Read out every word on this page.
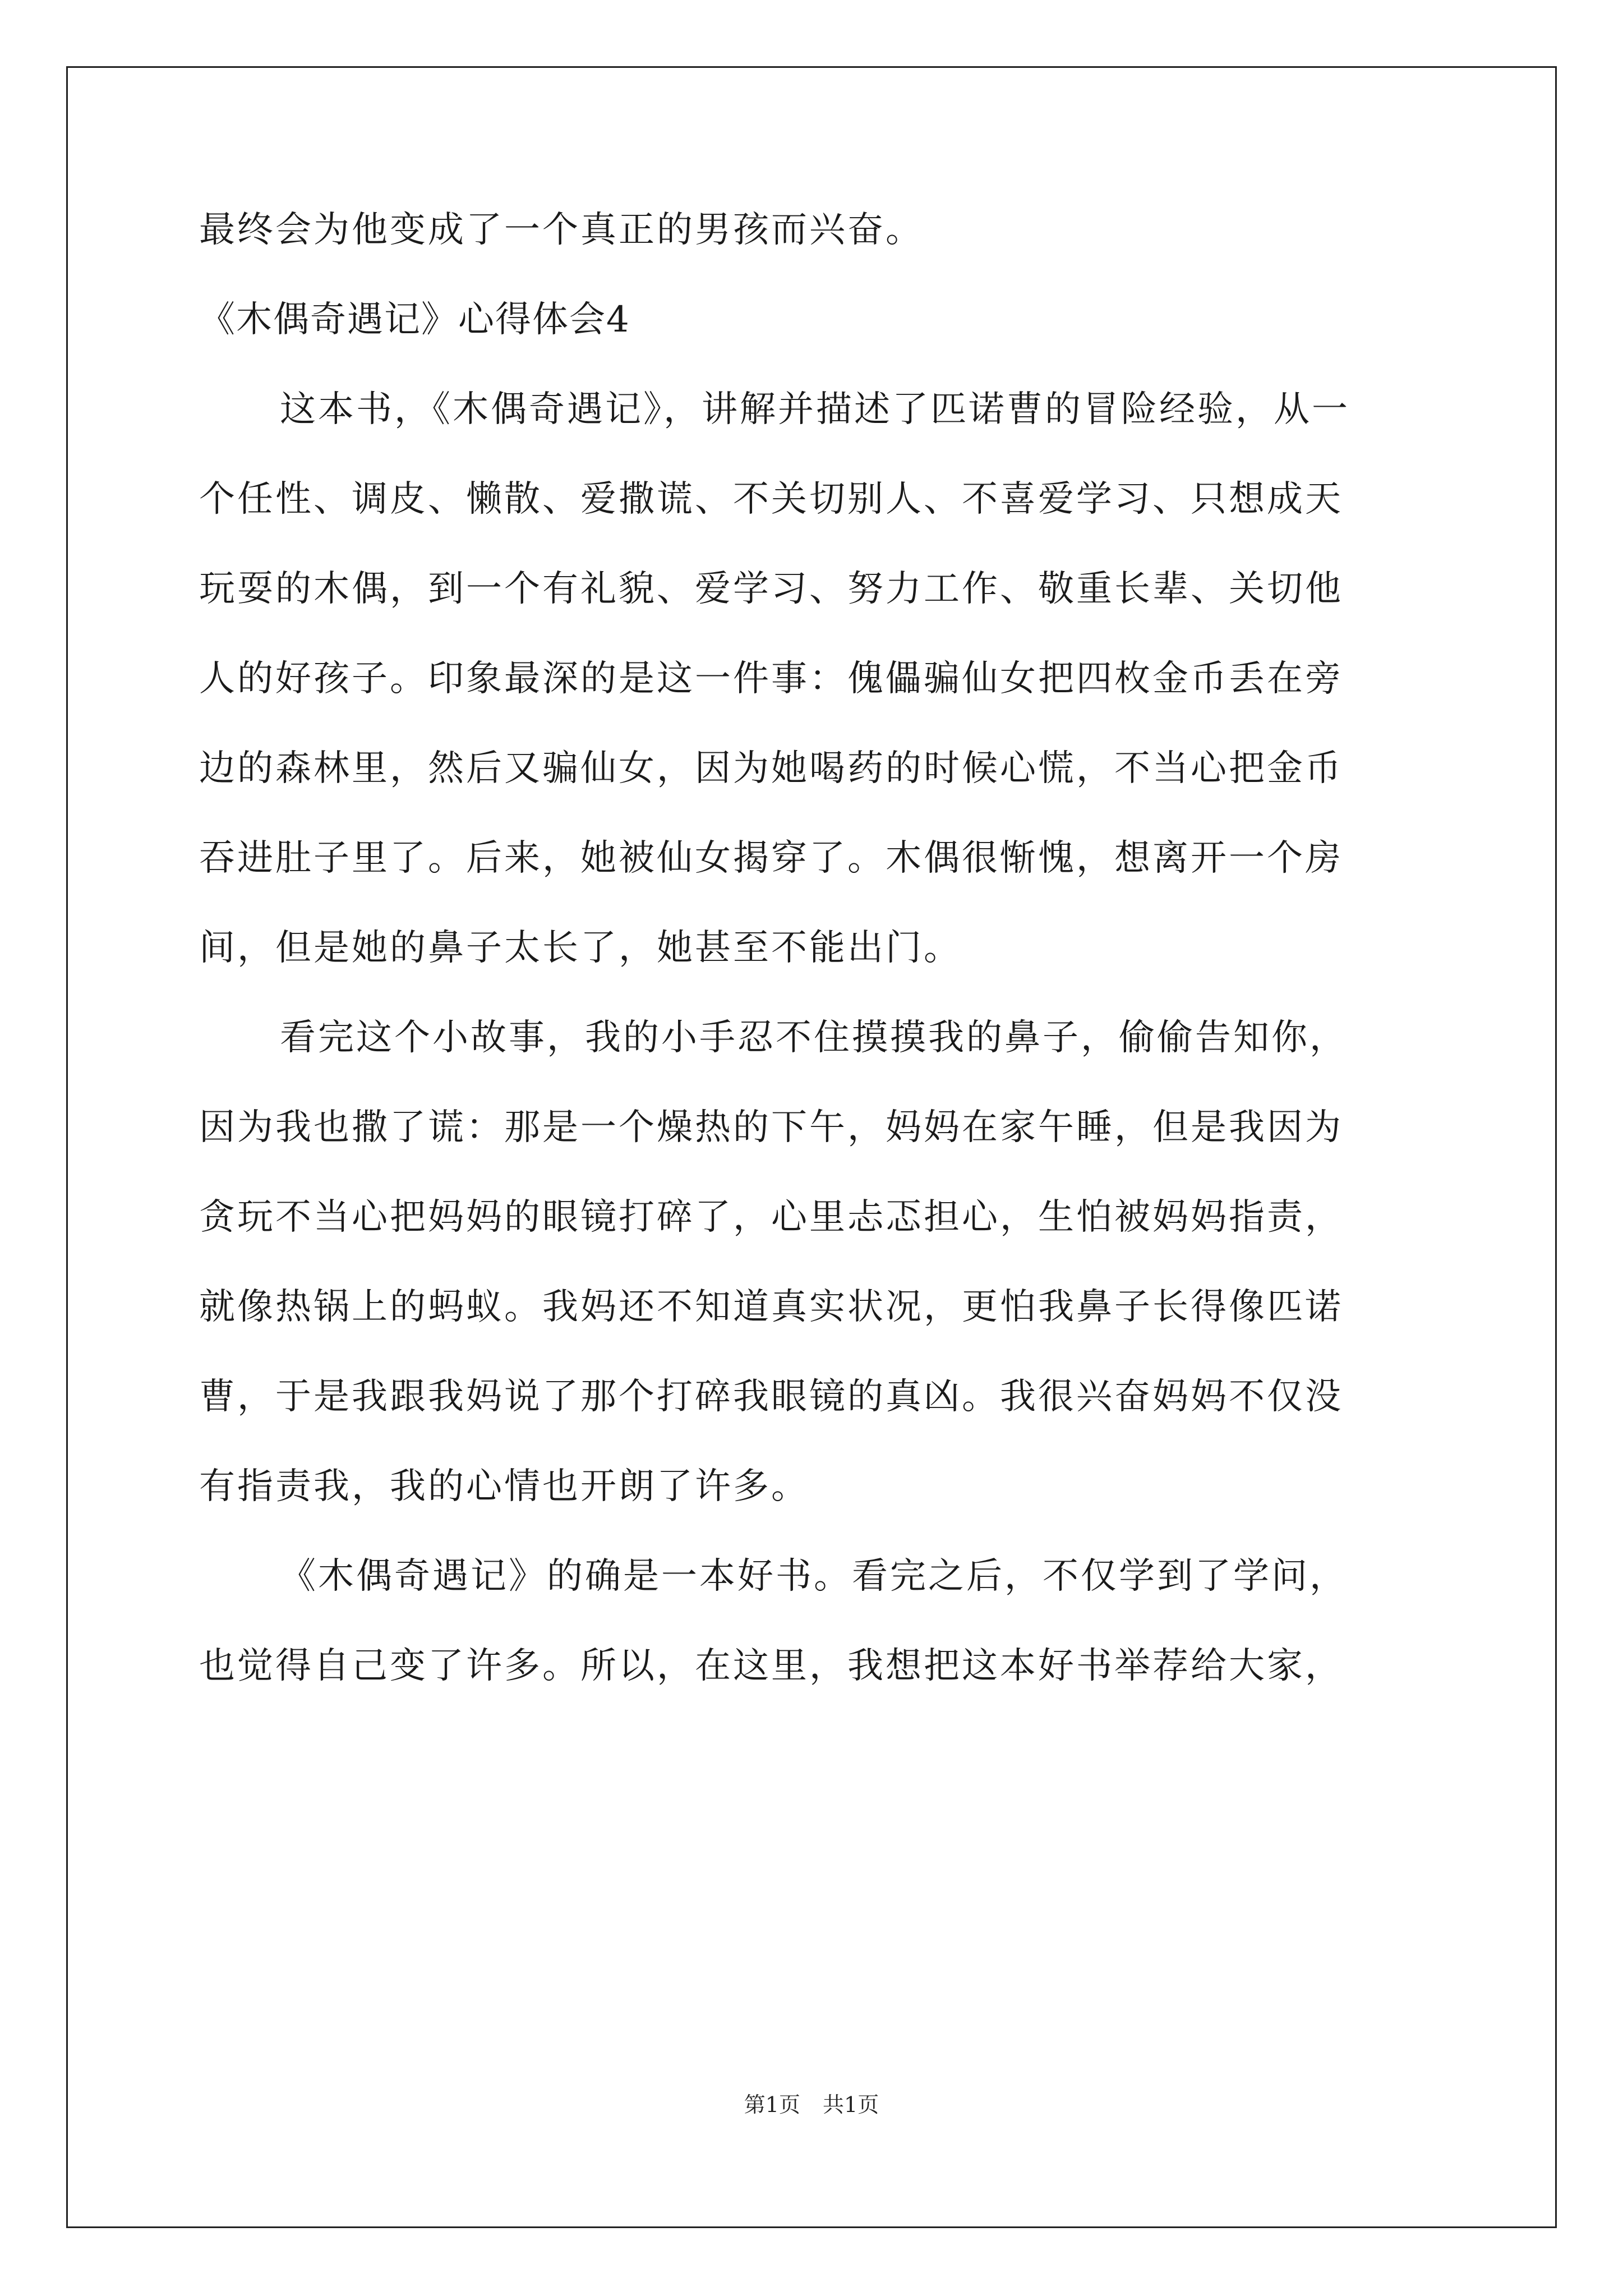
最终会为他变成了一个真正的男孩而兴奋。
《木偶奇遇记》心得体会4
这本书，《木偶奇遇记》，讲解并描述了匹诺曹的冒险经验，从一
个任性、调皮、懒散、爱撒谎、不关切别人、不喜爱学习、只想成天
玩耍的木偶，到一个有礼貌、爱学习、努力工作、敬重长辈、关切他
人的好孩子。印象最深的是这一件事：傀儡骗仙女把四枚金币丢在旁
边的森林里，然后又骗仙女，因为她喝药的时候心慌，不当心把金币
吞进肚子里了。后来，她被仙女揭穿了。木偶很惭愧，想离开一个房
间，但是她的鼻子太长了，她甚至不能出门。
看完这个小故事，我的小手忍不住摸摸我的鼻子，偷偷告知你，
因为我也撒了谎：那是一个燥热的下午，妈妈在家午睡，但是我因为
贪玩不当心把妈妈的眼镜打碎了，心里忐忑担心，生怕被妈妈指责，
就像热锅上的蚂蚁。我妈还不知道真实状况，更怕我鼻子长得像匹诺
曹，于是我跟我妈说了那个打碎我眼镜的真凶。我很兴奋妈妈不仅没
有指责我，我的心情也开朗了许多。
《木偶奇遇记》的确是一本好书。看完之后，不仅学到了学问，
也觉得自己变了许多。所以，在这里，我想把这本好书举荐给大家，
第1页 共1页
